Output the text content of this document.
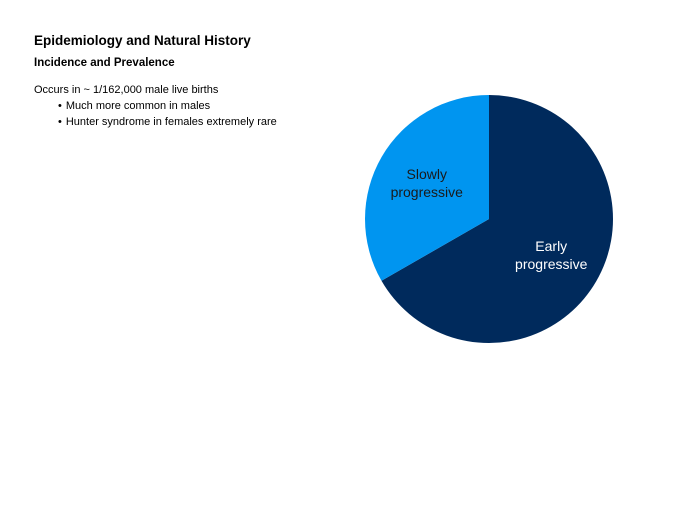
Epidemiology and Natural History
Incidence and Prevalence
Occurs in ~ 1/162,000 male live births
• Much more common in males
• Hunter syndrome in females extremely rare
Early progressive
Slowly progressive
